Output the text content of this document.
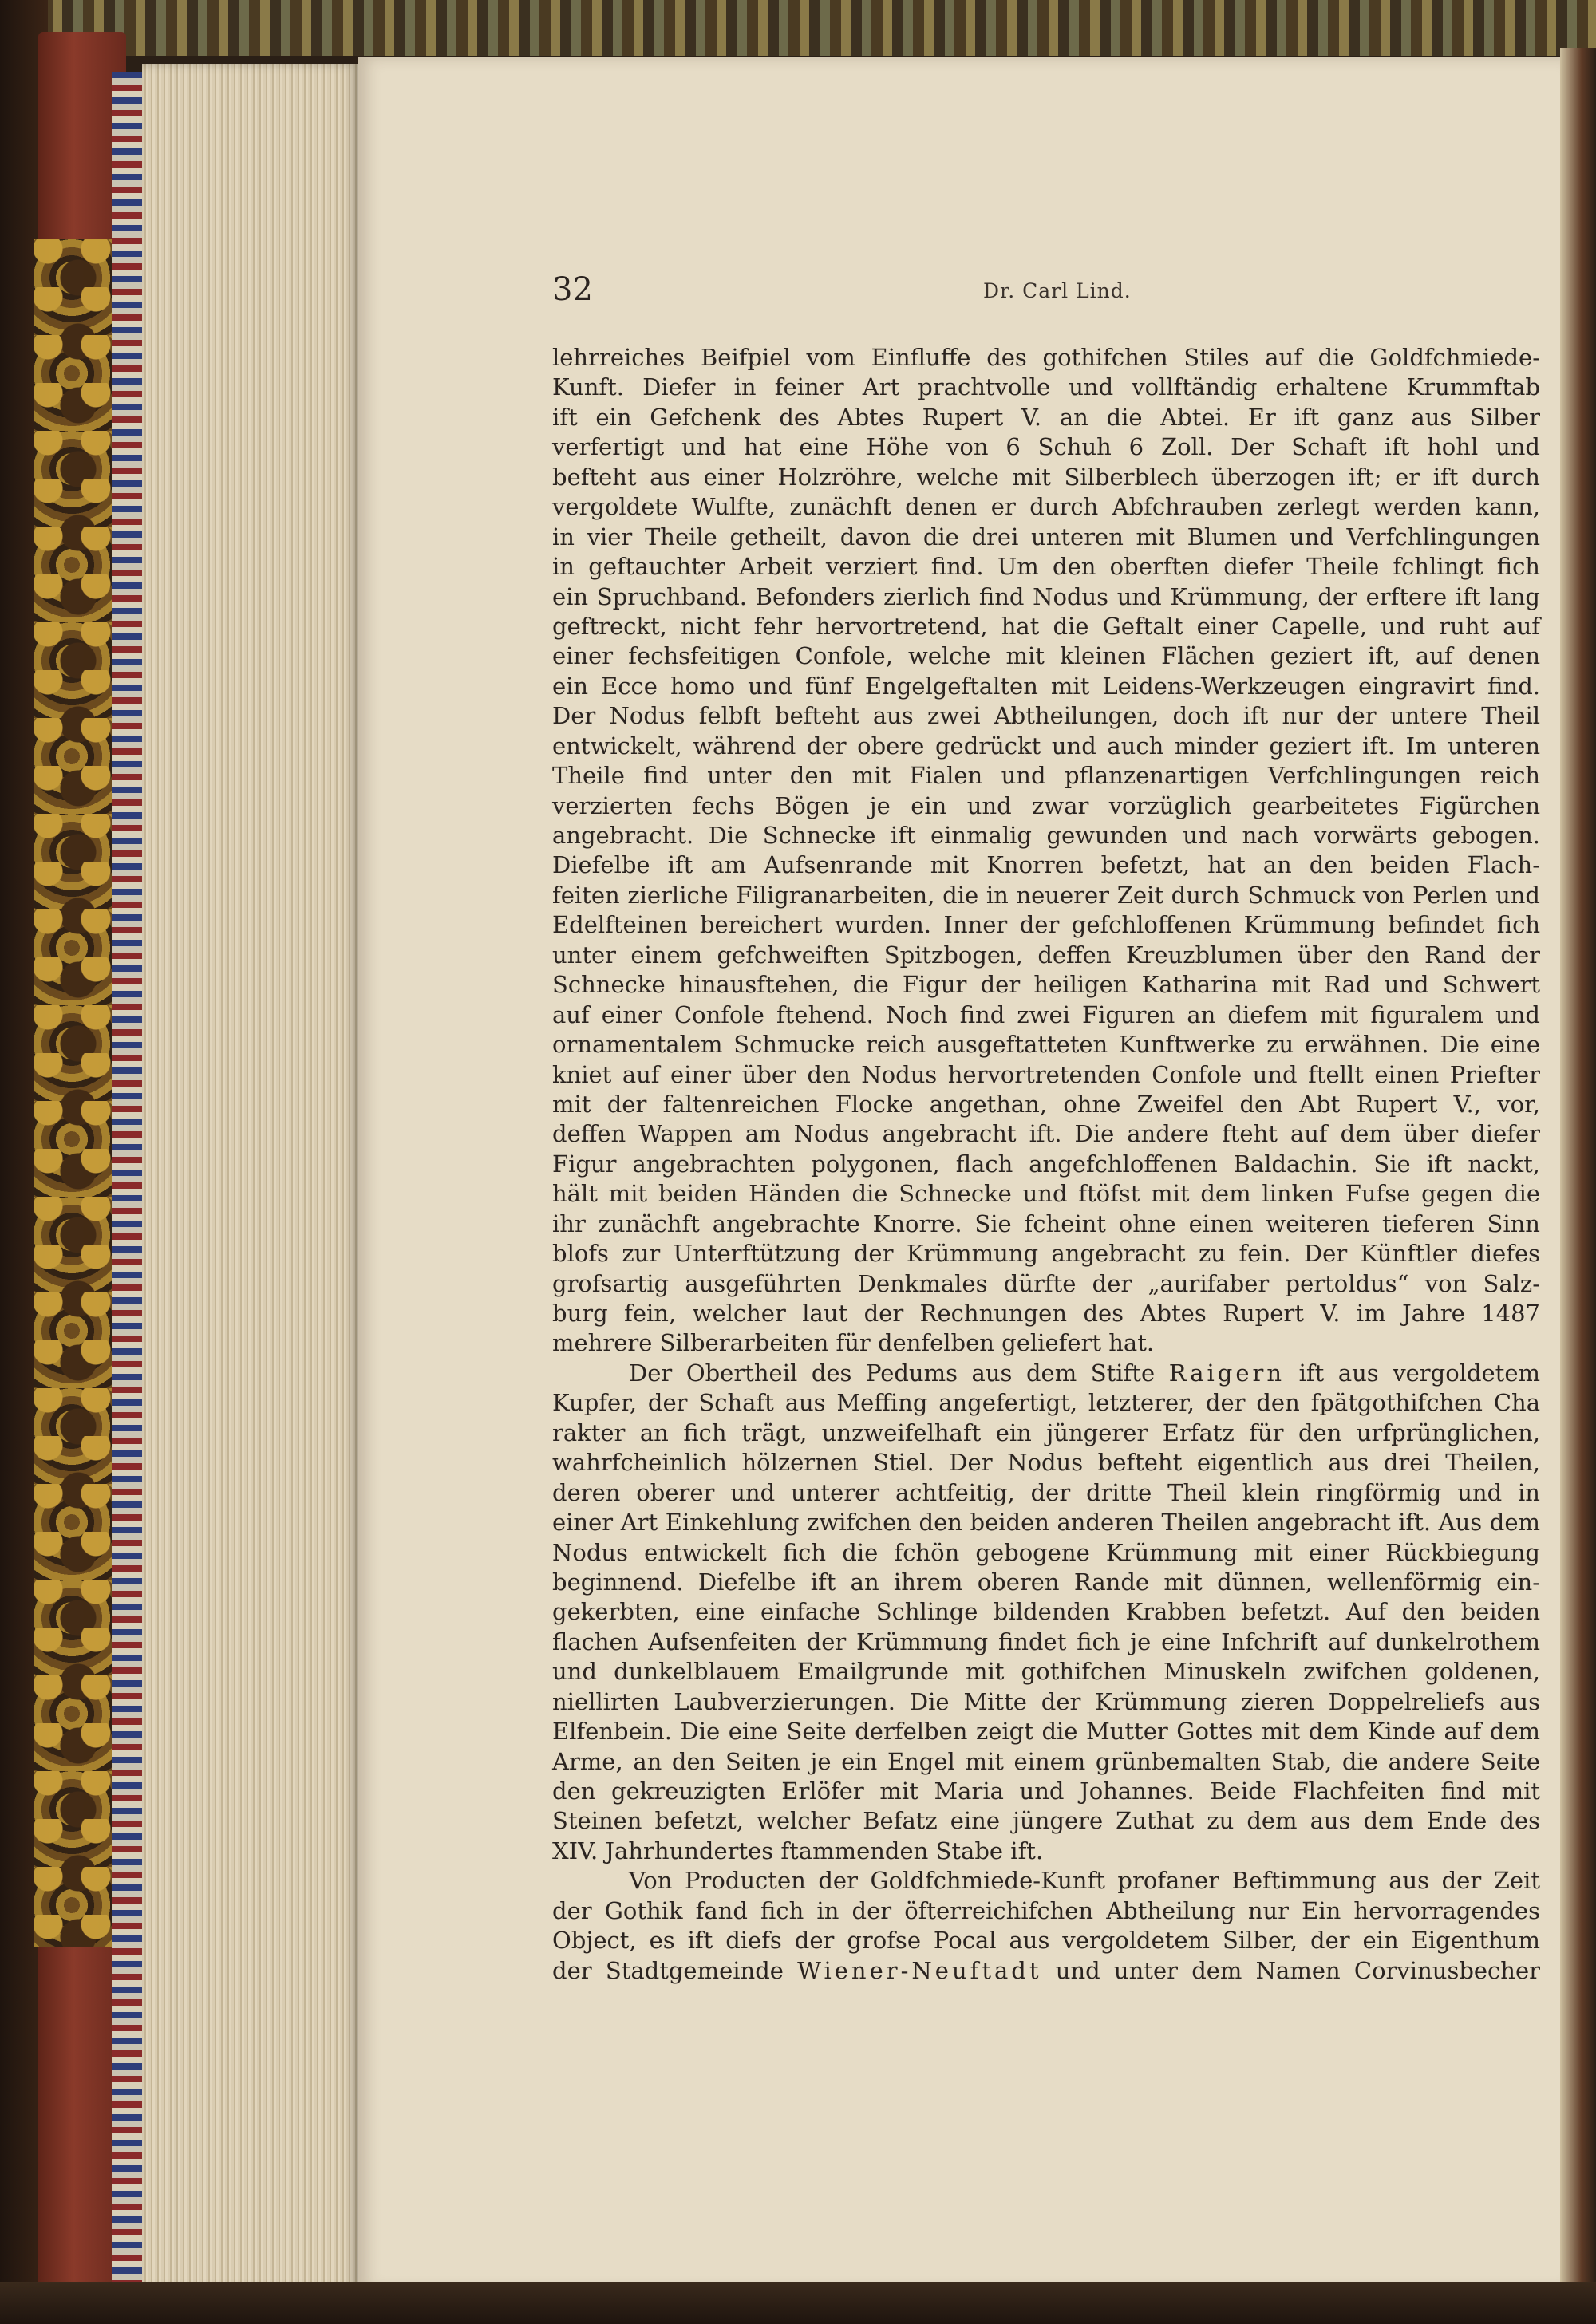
32	Dr. Carl Lind.
lehrreiches Beifpiel vom Einfluffe des gothifchen Stiles auf die Goldfchmiede-
Kunft. Diefer in feiner Art prachtvolle und vollftändig erhaltene Krummftab
ift ein Gefchenk des Abtes Rupert V. an die Abtei. Er ift ganz aus Silber
verfertigt und hat eine Höhe von 6 Schuh 6 Zoll. Der Schaft ift hohl und
befteht aus einer Holzröhre, welche mit Silberblech überzogen ift; er ift durch
vergoldete Wulfte, zunächft denen er durch Abfchrauben zerlegt werden kann,
in vier Theile getheilt, davon die drei unteren mit Blumen und Verfchlingungen
in geftauchter Arbeit verziert find. Um den oberften diefer Theile fchlingt fich
ein Spruchband. Befonders zierlich find Nodus und Krümmung, der erftere ift lang
geftreckt, nicht fehr hervortretend, hat die Geftalt einer Capelle, und ruht auf
einer fechsfeitigen Confole, welche mit kleinen Flächen geziert ift, auf denen
ein Ecce homo und fünf Engelgeftalten mit Leidens-Werkzeugen eingravirt find.
Der Nodus felbft befteht aus zwei Abtheilungen, doch ift nur der untere Theil
entwickelt, während der obere gedrückt und auch minder geziert ift. Im unteren
Theile find unter den mit Fialen und pflanzenartigen Verfchlingungen reich
verzierten fechs Bögen je ein und zwar vorzüglich gearbeitetes Figürchen
angebracht. Die Schnecke ift einmalig gewunden und nach vorwärts gebogen.
Diefelbe ift am Aufsenrande mit Knorren befetzt, hat an den beiden Flach-
feiten zierliche Filigranarbeiten, die in neuerer Zeit durch Schmuck von Perlen und
Edelfteinen bereichert wurden. Inner der gefchloffenen Krümmung befindet fich
unter einem gefchweiften Spitzbogen, deffen Kreuzblumen über den Rand der
Schnecke hinausftehen, die Figur der heiligen Katharina mit Rad und Schwert
auf einer Confole ftehend. Noch find zwei Figuren an diefem mit figuralem und
ornamentalem Schmucke reich ausgeftatteten Kunftwerke zu erwähnen. Die eine
kniet auf einer über den Nodus hervortretenden Confole und ftellt einen Priefter
mit der faltenreichen Flocke angethan, ohne Zweifel den Abt Rupert V., vor,
deffen Wappen am Nodus angebracht ift. Die andere fteht auf dem über diefer
Figur angebrachten polygonen, flach angefchloffenen Baldachin. Sie ift nackt,
hält mit beiden Händen die Schnecke und ftöfst mit dem linken Fufse gegen die
ihr zunächft angebrachte Knorre. Sie fcheint ohne einen weiteren tieferen Sinn
blofs zur Unterftützung der Krümmung angebracht zu fein. Der Künftler diefes
grofsartig ausgeführten Denkmales dürfte der „aurifaber pertoldus“ von Salz-
burg fein, welcher laut der Rechnungen des Abtes Rupert V. im Jahre 1487
mehrere Silberarbeiten für denfelben geliefert hat.
Der Obertheil des Pedums aus dem Stifte Raigern ift aus vergoldetem
Kupfer, der Schaft aus Meffing angefertigt, letzterer, der den fpätgothifchen Cha
rakter an fich trägt, unzweifelhaft ein jüngerer Erfatz für den urfprünglichen,
wahrfcheinlich hölzernen Stiel. Der Nodus befteht eigentlich aus drei Theilen,
deren oberer und unterer achtfeitig, der dritte Theil klein ringförmig und in
einer Art Einkehlung zwifchen den beiden anderen Theilen angebracht ift. Aus dem
Nodus entwickelt fich die fchön gebogene Krümmung mit einer Rückbiegung
beginnend. Diefelbe ift an ihrem oberen Rande mit dünnen, wellenförmig ein-
gekerbten, eine einfache Schlinge bildenden Krabben befetzt. Auf den beiden
flachen Aufsenfeiten der Krümmung findet fich je eine Infchrift auf dunkelrothem
und dunkelblauem Emailgrunde mit gothifchen Minuskeln zwifchen goldenen,
niellirten Laubverzierungen. Die Mitte der Krümmung zieren Doppelreliefs aus
Elfenbein. Die eine Seite derfelben zeigt die Mutter Gottes mit dem Kinde auf dem
Arme, an den Seiten je ein Engel mit einem grünbemalten Stab, die andere Seite
den gekreuzigten Erlöfer mit Maria und Johannes. Beide Flachfeiten find mit
Steinen befetzt, welcher Befatz eine jüngere Zuthat zu dem aus dem Ende des
XIV. Jahrhundertes ftammenden Stabe ift.
Von Producten der Goldfchmiede-Kunft profaner Beftimmung aus der Zeit
der Gothik fand fich in der öfterreichifchen Abtheilung nur Ein hervorragendes
Object, es ift diefs der grofse Pocal aus vergoldetem Silber, der ein Eigenthum
der Stadtgemeinde Wiener-Neuftadt und unter dem Namen Corvinusbecher
